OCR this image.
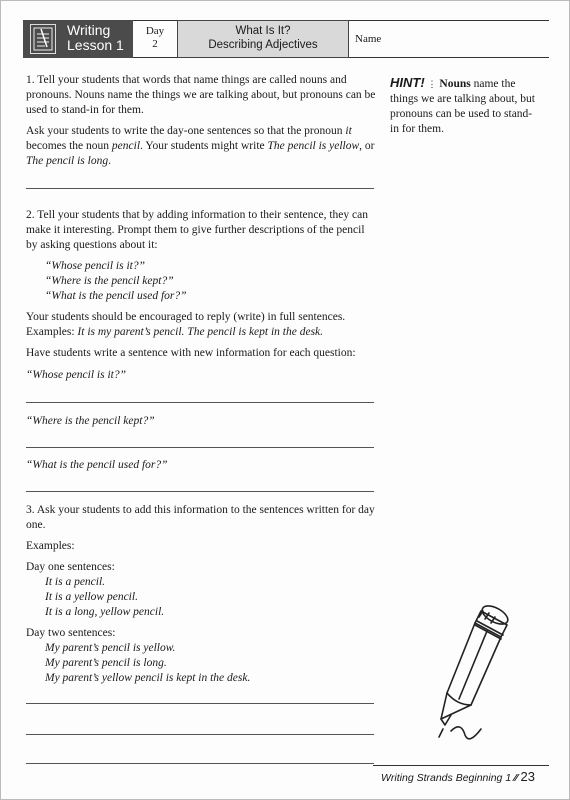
Writing
Lesson 1
Day
2
What Is It?
Describing Adjectives	Name

1. Tell your students that words that name things are called nouns and pronouns. Nouns name the things we are talking about, but pronouns can be used to stand-in for them.

Ask your students to write the day-one sentences so that the pronoun it becomes the noun pencil. Your students might write The pencil is yellow, or The pencil is long.

2. Tell your students that by adding information to their sentence, they can make it interesting. Prompt them to give further descriptions of the pencil by asking questions about it:

“Whose pencil is it?”
“Where is the pencil kept?”
“What is the pencil used for?”

Your students should be encouraged to reply (write) in full sentences. Examples: It is my parent’s pencil. The pencil is kept in the desk.

Have students write a sentence with new information for each question:

“Whose pencil is it?”
“Where is the pencil kept?”
“What is the pencil used for?”

3. Ask your students to add this information to the sentences written for day one.

Examples:

Day one sentences:
It is a pencil.
It is a yellow pencil.
It is a long, yellow pencil.
Day two sentences:
My parent’s pencil is yellow.
My parent’s pencil is long.
My parent’s yellow pencil is kept in the desk.
HINT! ⋮ Nouns name the things we are talking about, but pronouns can be used to stand-in for them.
Writing Strands Beginning 1 ⁄⁄ 23
